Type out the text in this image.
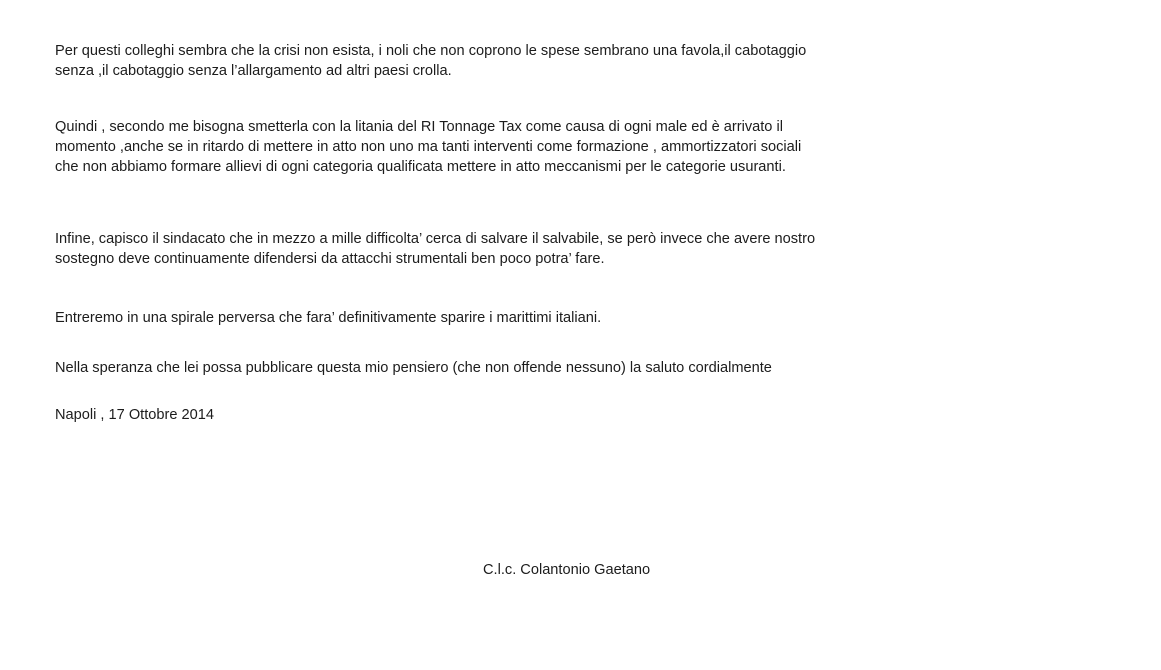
Per questi colleghi sembra che la crisi non esista, i noli che non coprono le spese sembrano una favola,il cabotaggio
senza ,il cabotaggio senza l’allargamento ad altri paesi crolla.
Quindi , secondo me bisogna smetterla con la litania del RI Tonnage Tax come causa di ogni male ed è arrivato il
momento ,anche se in ritardo di mettere in atto non uno ma tanti interventi come formazione , ammortizzatori sociali
che non abbiamo formare allievi di ogni categoria qualificata mettere in atto meccanismi per le categorie usuranti.
Infine, capisco il sindacato che in mezzo a mille difficolta’ cerca di salvare il salvabile, se però invece che avere nostro
sostegno deve continuamente difendersi da attacchi strumentali ben poco potra’ fare.
Entreremo in una spirale perversa che fara’ definitivamente sparire i marittimi italiani.
Nella speranza che lei possa pubblicare questa mio pensiero (che non offende nessuno) la saluto cordialmente

Napoli , 17 Ottobre 2014

C.l.c. Colantonio Gaetano
